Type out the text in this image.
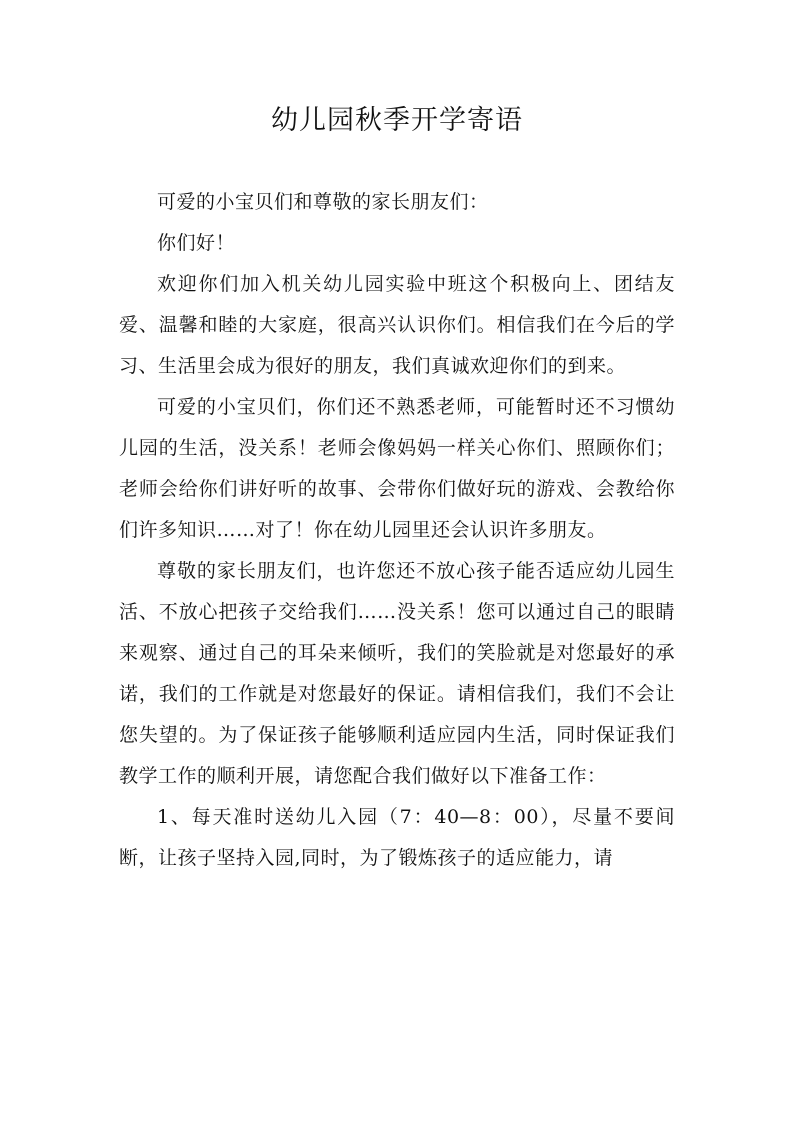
幼儿园秋季开学寄语

可爱的小宝贝们和尊敬的家长朋友们：

你们好！

欢迎你们加入机关幼儿园实验中班这个积极向上、团结友爱、温馨和睦的大家庭，很高兴认识你们。相信我们在今后的学习、生活里会成为很好的朋友，我们真诚欢迎你们的到来。

可爱的小宝贝们，你们还不熟悉老师，可能暂时还不习惯幼儿园的生活，没关系！老师会像妈妈一样关心你们、照顾你们；老师会给你们讲好听的故事、会带你们做好玩的游戏、会教给你们许多知识……对了！你在幼儿园里还会认识许多朋友。

尊敬的家长朋友们，也许您还不放心孩子能否适应幼儿园生活、不放心把孩子交给我们……没关系！您可以通过自己的眼睛来观察、通过自己的耳朵来倾听，我们的笑脸就是对您最好的承诺，我们的工作就是对您最好的保证。请相信我们，我们不会让您失望的。为了保证孩子能够顺利适应园内生活，同时保证我们教学工作的顺利开展，请您配合我们做好以下准备工作：

1、每天准时送幼儿入园（7：40—8：00），尽量不要间断，让孩子坚持入园,同时，为了锻炼孩子的适应能力，请
